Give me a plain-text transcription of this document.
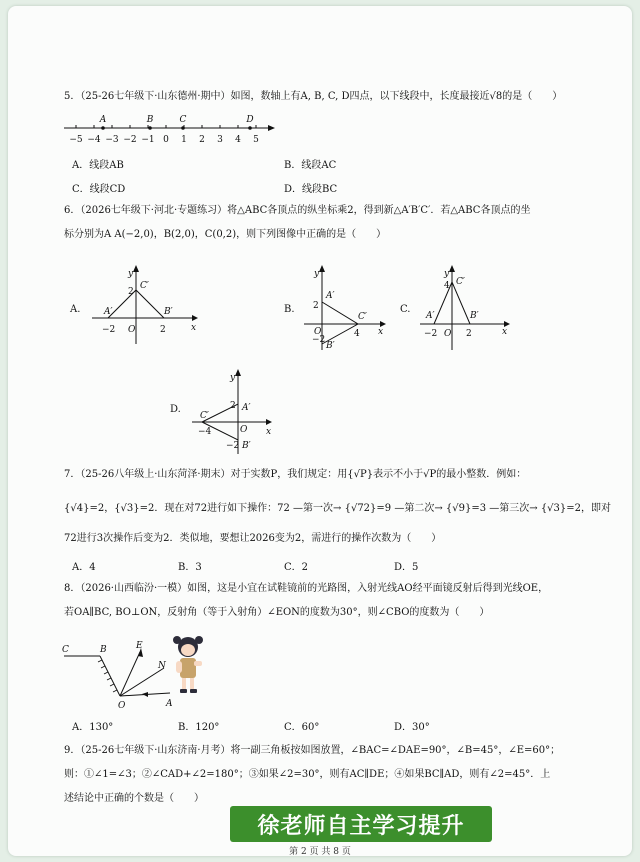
5．（25-26七年级下·山东德州·期中）如图，数轴上有A, B, C, D四点，以下线段中，长度最接近√8的是（　　）
−5 −4 −3 −2 −1 0 1 2 3 4 5
A	B	C	D
A．线段AB	B．线段AC
C．线段CD	D．线段BC
6．（2026七年级下·河北·专题练习）将△ABC各顶点的纵坐标乘2，得到新△A′B′C′．若△ABC各顶点的坐
标分别为A A(−2,0)，B(2,0)，C(0,2)，则下列图像中正确的是（　　）
A.
y
x
2
C′
A′	B′
−2 O	2
B.
y
x
A′
C′
B′
2
O	4
−2
C.
y
x
4 C′
A′	B′
−2 O 2
D.
y
x
2 A′
C′
−4	O
−2 B′
7．（25-26八年级上·山东菏泽·期末）对于实数P，我们规定：用{√P}表示不小于√P的最小整数．例如：
{√4}=2，{√3}=2．现在对72进行如下操作：72 —第一次→ {√72}=9 —第二次→ {√9}=3 —第三次→ {√3}=2，即对
72进行3次操作后变为2．类似地，要想让2026变为2，需进行的操作次数为（　　）
A．4	B．3	C．2	D．5
8．（2026·山西临汾·一模）如图，这是小宜在试鞋镜前的光路图，入射光线AO经平面镜反射后得到光线OE，
若OA∥BC, BO⊥ON，反射角（等于入射角）∠EON的度数为30°，则∠CBO的度数为（　　）
C	B	E
N
O	A
A．130°	B．120°	C．60°	D．30°
9．（25-26七年级下·山东济南·月考）将一副三角板按如图放置，∠BAC=∠DAE=90°，∠B=45°，∠E=60°；
则：①∠1=∠3；②∠CAD+∠2=180°；③如果∠2=30°，则有AC∥DE；④如果BC∥AD，则有∠2=45°．上
述结论中正确的个数是（　　）
徐老师自主学习提升
第 2 页 共 8 页
